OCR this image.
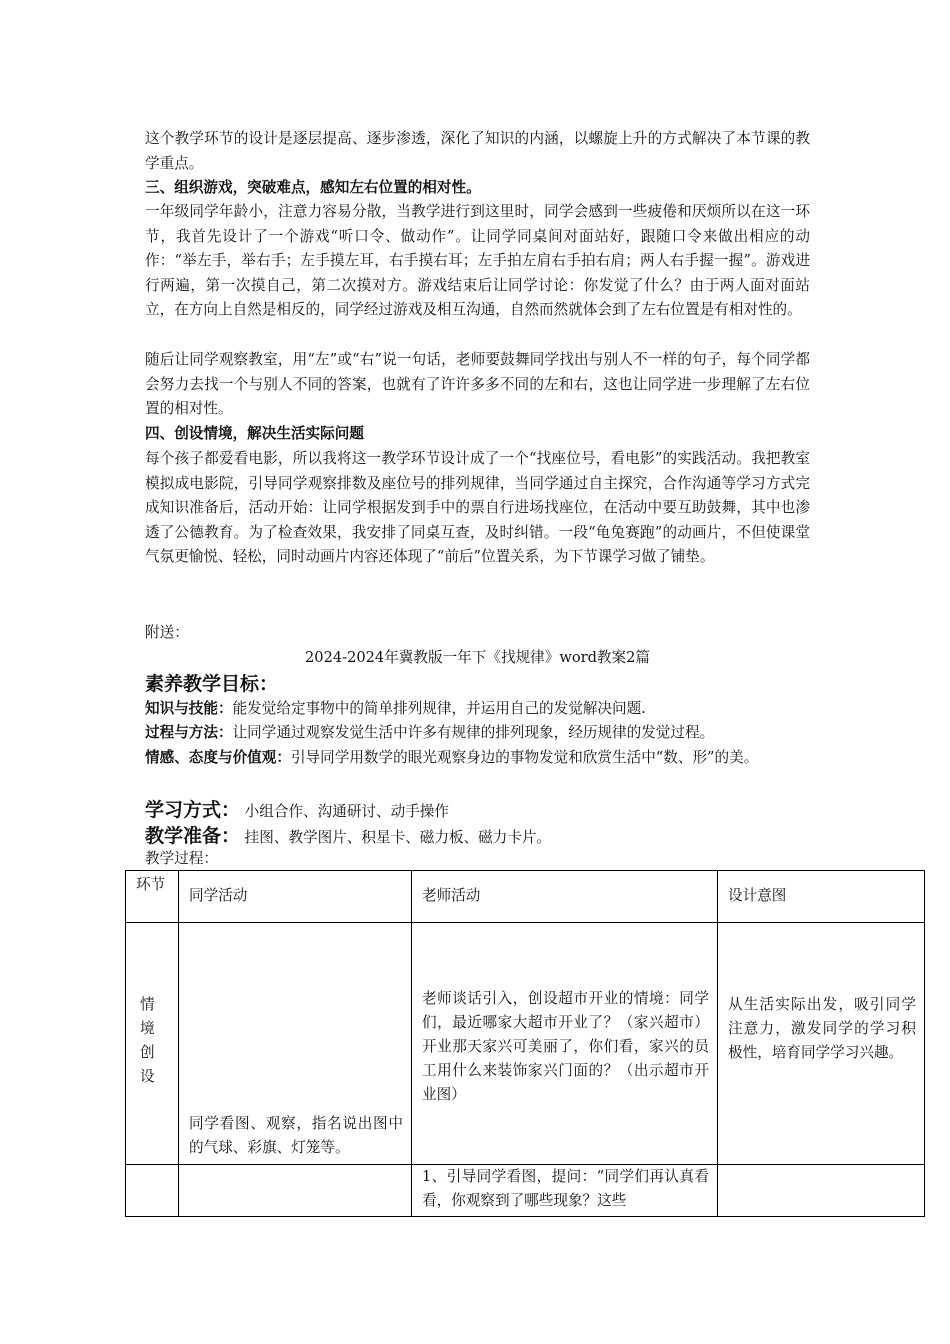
这个教学环节的设计是逐层提高、逐步渗透，深化了知识的内涵，以螺旋上升的方式解决了本节课的教学重点。

三、组织游戏，突破难点，感知左右位置的相对性。

一年级同学年龄小，注意力容易分散，当教学进行到这里时，同学会感到一些疲倦和厌烦所以在这一环节，我首先设计了一个游戏“听口令、做动作”。让同学同桌间对面站好，跟随口令来做出相应的动作：“举左手，举右手；左手摸左耳，右手摸右耳；左手拍左肩右手拍右肩；两人右手握一握”。游戏进行两遍，第一次摸自己，第二次摸对方。游戏结束后让同学讨论：你发觉了什么？由于两人面对面站立，在方向上自然是相反的，同学经过游戏及相互沟通，自然而然就体会到了左右位置是有相对性的。

随后让同学观察教室，用“左”或“右”说一句话，老师要鼓舞同学找出与别人不一样的句子，每个同学都会努力去找一个与别人不同的答案，也就有了许许多多不同的左和右，这也让同学进一步理解了左右位置的相对性。

四、创设情境，解决生活实际问题

每个孩子都爱看电影，所以我将这一教学环节设计成了一个“找座位号，看电影”的实践活动。我把教室模拟成电影院，引导同学观察排数及座位号的排列规律，当同学通过自主探究，合作沟通等学习方式完成知识准备后，活动开始：让同学根据发到手中的票自行进场找座位，在活动中要互助鼓舞，其中也渗透了公德教育。为了检查效果，我安排了同桌互查，及时纠错。一段“龟兔赛跑”的动画片，不但使课堂气氛更愉悦、轻松，同时动画片内容还体现了“前后”位置关系，为下节课学习做了铺垫。

附送：

2024-2024年冀教版一年下《找规律》word教案2篇

素养教学目标：

知识与技能：能发觉给定事物中的简单排列规律，并运用自己的发觉解决问题.

过程与方法：让同学通过观察发觉生活中许多有规律的排列现象，经历规律的发觉过程。

情感、态度与价值观：引导同学用数学的眼光观察身边的事物发觉和欣赏生活中“数、形”的美。

学习方式： 小组合作、沟通研讨、动手操作

教学准备： 挂图、教学图片、积星卡、磁力板、磁力卡片。

教学过程：

环节	同学活动	老师活动	设计意图
情境创设	同学看图、观察，指名说出图中的气球、彩旗、灯笼等。	老师谈话引入，创设超市开业的情境：同学们，最近哪家大超市开业了？（家兴超市）开业那天家兴可美丽了，你们看，家兴的员工用什么来装饰家兴门面的？（出示超市开业图）	从生活实际出发，吸引同学注意力，激发同学的学习积极性，培育同学学习兴趣。
		1、引导同学看图，提问：“同学们再认真看看，你观察到了哪些现象？这些	
